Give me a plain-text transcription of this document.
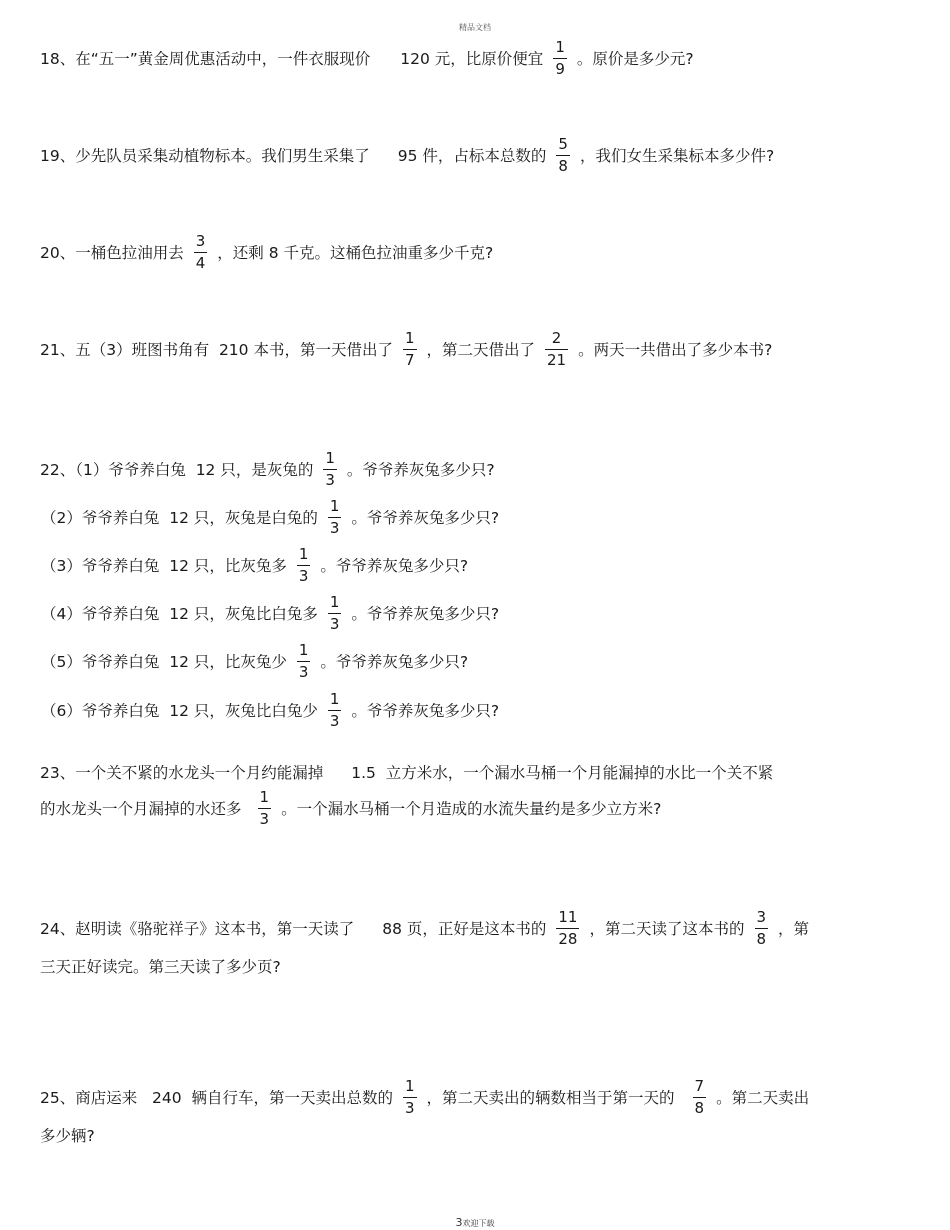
精品文档
18、在“五一”黄金周优惠活动中，一件衣服现价 120 元，比原价便宜
1
9
。原价是多少元?
19、少先队员采集动植物标本。我们男生采集了 95 件，占标本总数的
5
8
，我们女生采集标本多少件?
20、一桶色拉油用去
3
4
，还剩 8 千克。这桶色拉油重多少千克?
21、五（3）班图书角有  210 本书，第一天借出了
1
7
，第二天借出了
2
21
。两天一共借出了多少本书?
22、（1）爷爷养白兔  12 只，是灰兔的
1
3
。爷爷养灰兔多少只?
（2）爷爷养白兔  12 只，灰兔是白兔的
1
3
。爷爷养灰兔多少只?
（3）爷爷养白兔  12 只，比灰兔多
1
3
。爷爷养灰兔多少只?
（4）爷爷养白兔  12 只，灰兔比白兔多
1
3
。爷爷养灰兔多少只?
（5）爷爷养白兔  12 只，比灰兔少
1
3
。爷爷养灰兔多少只?
（6）爷爷养白兔  12 只，灰兔比白兔少
1
3
。爷爷养灰兔多少只?
23、一个关不紧的水龙头一个月约能漏掉 1.5  立方米水，一个漏水马桶一个月能漏掉的水比一个关不紧
的水龙头一个月漏掉的水还多
1
3
。一个漏水马桶一个月造成的水流失量约是多少立方米?
24、赵明读《骆驼祥子》这本书，第一天读了 88 页，正好是这本书的
11
28
，第二天读了这本书的
3
8
，第
三天正好读完。第三天读了多少页?
25、商店运来   240  辆自行车，第一天卖出总数的
1
3
，第二天卖出的辆数相当于第一天的
7
8
。第二天卖出
多少辆?
3欢迎下载
